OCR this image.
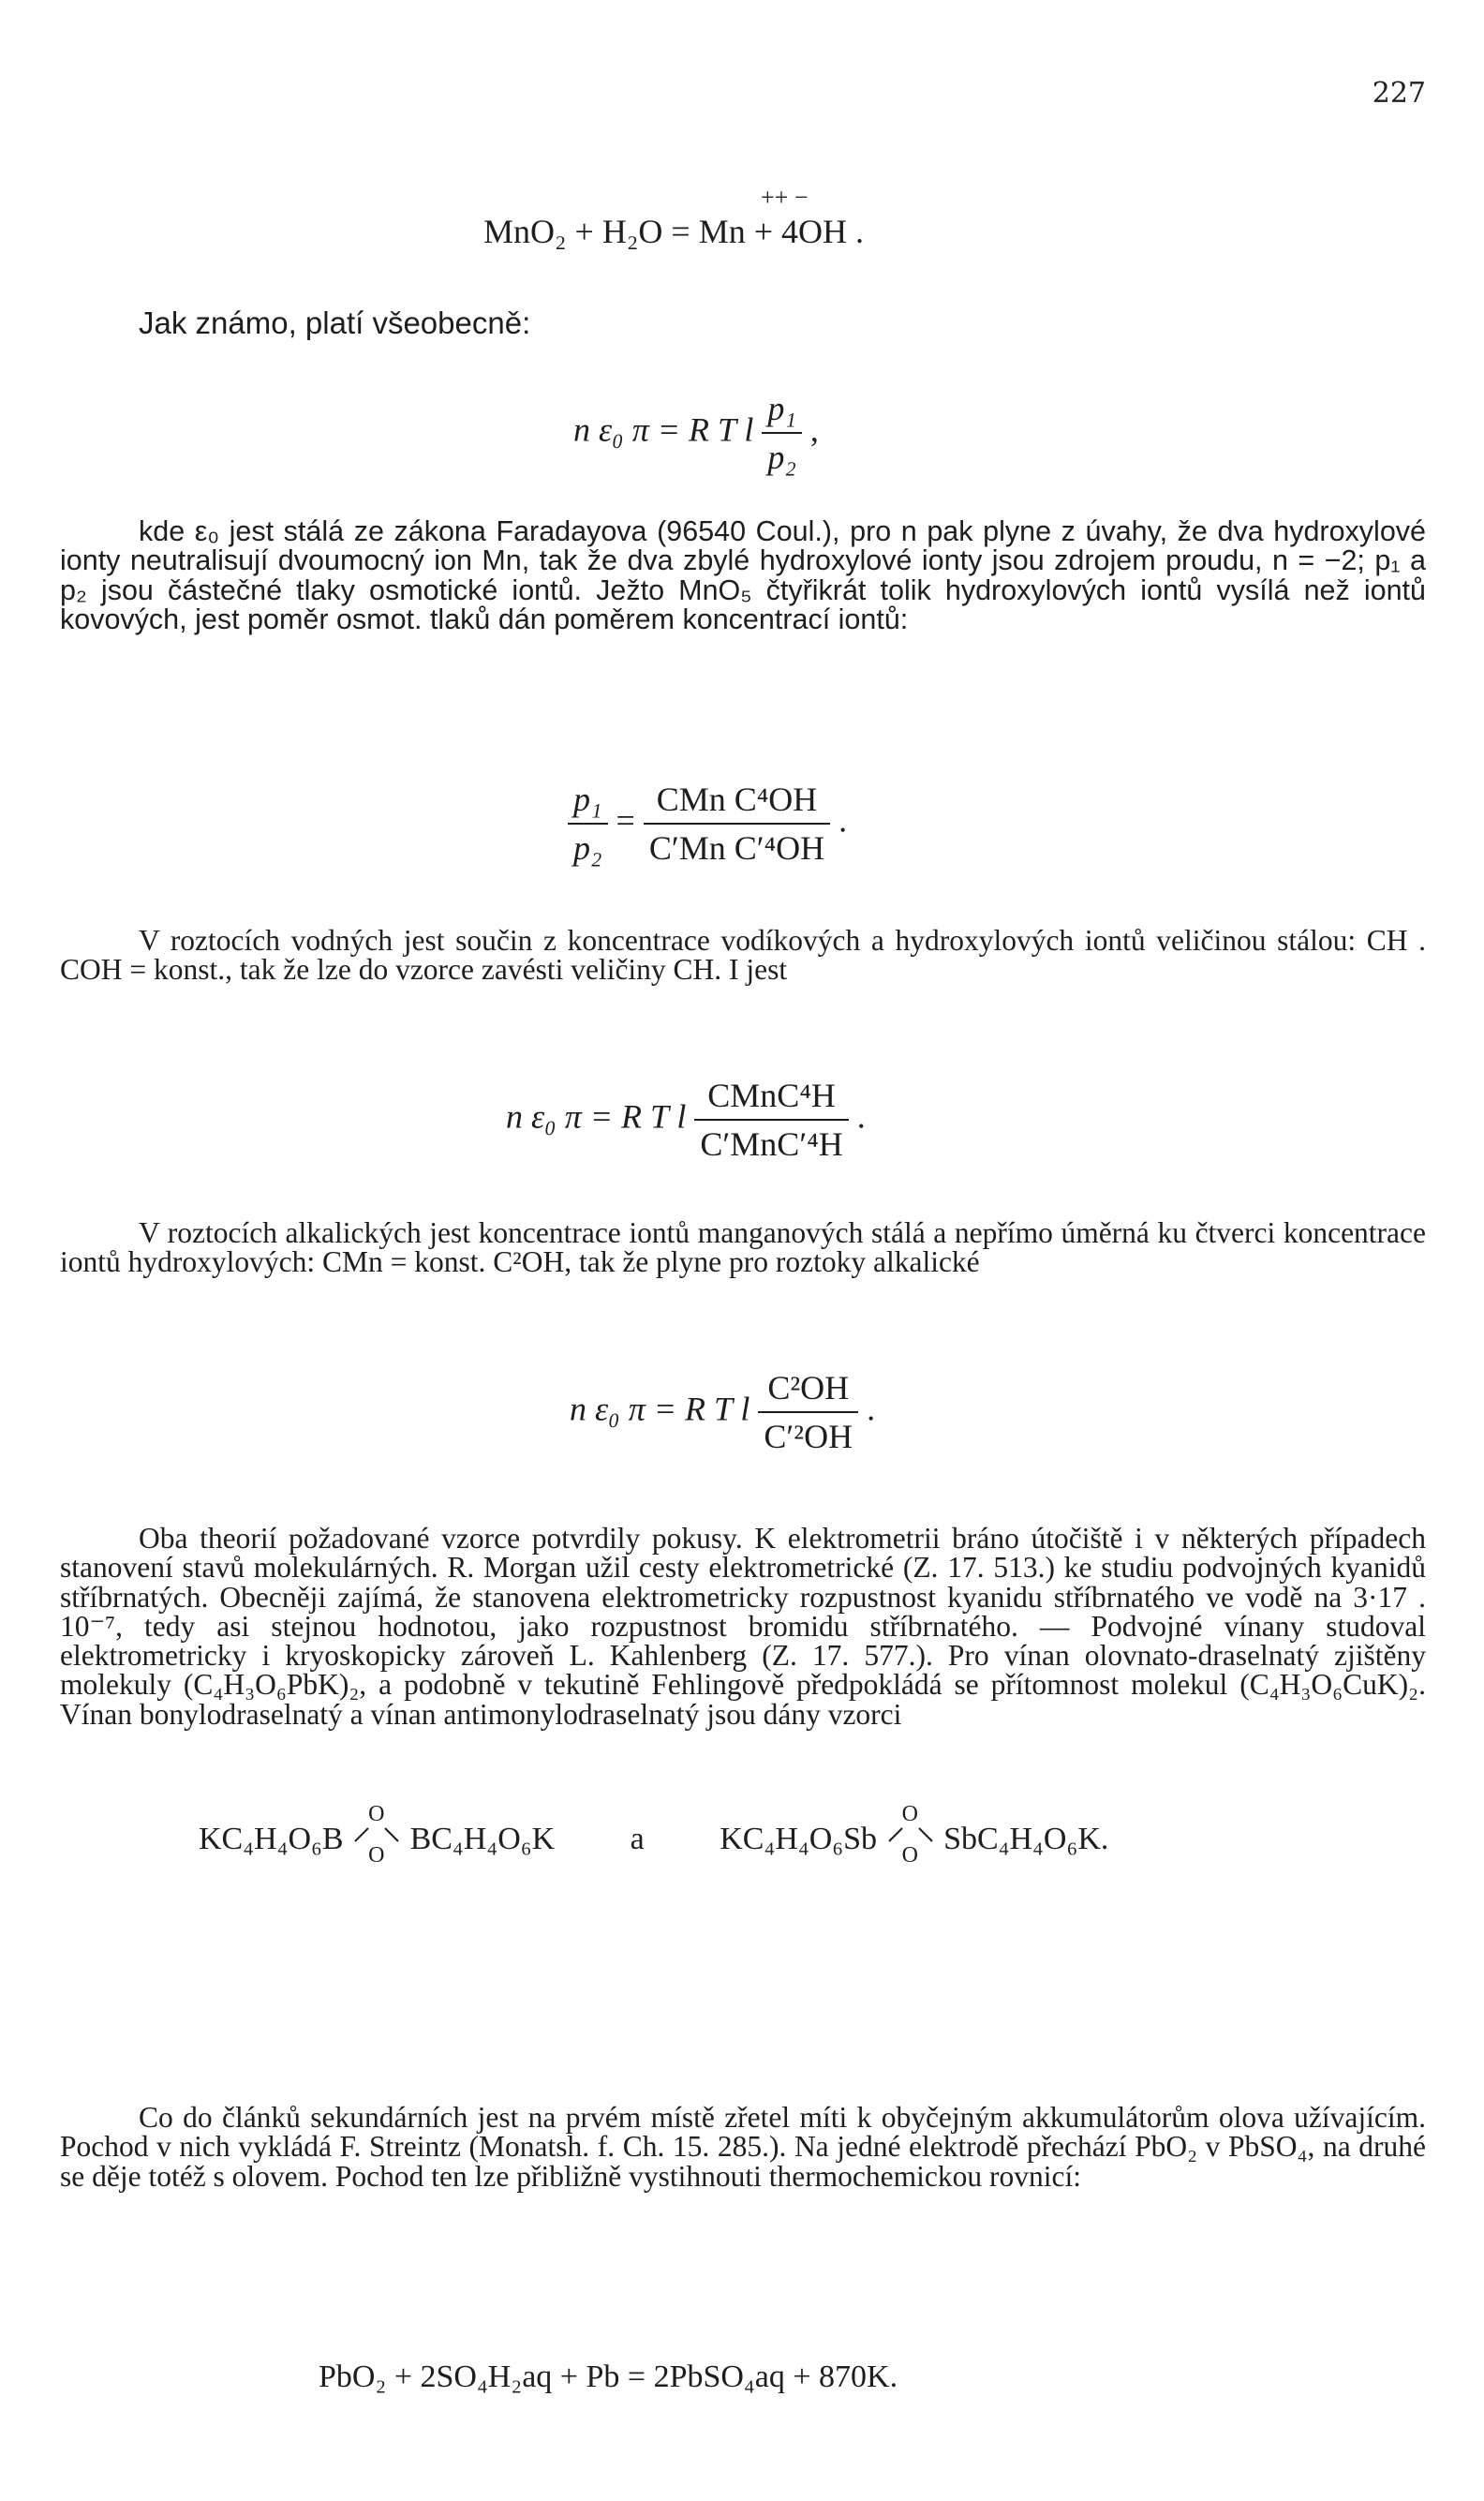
227
++ −
MnO₂ + H₂O = Mn + 4OH .
Jak známo, platí všeobecně:
n ε₀ π = R T l $\frac{\text{p₁}}{\text{p₂}}$ ,

kde ε₀ jest stálá ze zákona Faradayova (96540 Coul.), pro n pak plyne z úvahy, že dva hydroxylové ionty neutralisují dvoumocný ion Mn, tak že dva zbylé hydroxylové ionty jsou zdrojem proudu, n = −2; p₁ a p₂ jsou částečné tlaky osmotické iontů. Ježto MnO₅ čtyřikrát tolik hydroxylových iontů vysílá než iontů kovových, jest poměr osmot. tlaků dán poměrem koncentrací iontů:

$\frac{\text{p₁}}{\text{p₂}} = \frac{\text{CMn C⁴OH}}{\text{C′Mn C′⁴OH}}$ .

V roztocích vodných jest součin z koncentrace vodíkových a hydroxylových iontů veličinou stálou: CH . COH = konst., tak že lze do vzorce zavésti veličiny CH. I jest

n ε₀ π = R T l $\frac{\text{CMnC⁴H}}{\text{C′MnC′⁴H}}$ .

V roztocích alkalických jest koncentrace iontů manganových stálá a nepřímo úměrná ku čtverci koncentrace iontů hydroxylových: CMn = konst. C²OH, tak že plyne pro roztoky alkalické

n ε₀ π = R T l $\frac{\text{C²OH}}{\text{C′²OH}}$ .

Oba theorií požadované vzorce potvrdily pokusy. K elektrometrii bráno útočiště i v některých případech stanovení stavů molekulárných. R. Morgan užil cesty elektrometrické (Z. 17. 513.) ke studiu podvojných kyanidů stříbrnatých. Obecněji zajímá, že stanovena elektrometricky rozpustnost kyanidu stříbrnatého ve vodě na 3·17 . 10⁻⁷, tedy asi stejnou hodnotou, jako rozpustnost bromidu stříbrnatého. — Podvojné vínany studoval elektrometricky i kryoskopicky zároveň L. Kahlenberg (Z. 17. 577.). Pro vínan olovnato-draselnatý zjištěny molekuly (C₄H₃O₆PbK)₂, a podobně v tekutině Fehlingově předpokládá se přítomnost molekul (C₄H₃O₆CuK)₂. Vínan bonylodraselnatý a vínan antimonylodraselnatý jsou dány vzorci

KC₄H₄O₆B
O
O BC₄H₄O₆K a KC₄H₄O₆Sb
O
O SbC₄H₄O₆K.

Co do článků sekundárních jest na prvém místě zřetel míti k obyčejným akkumulátorům olova užívajícím. Pochod v nich vykládá F. Streintz (Monatsh. f. Ch. 15. 285.). Na jedné elektrodě přechází PbO₂ v PbSO₄, na druhé se děje totéž s olovem. Pochod ten lze přibližně vystihnouti thermochemickou rovnicí:

PbO₂ + 2SO₄H₂aq + Pb = 2PbSO₄aq + 870K.
